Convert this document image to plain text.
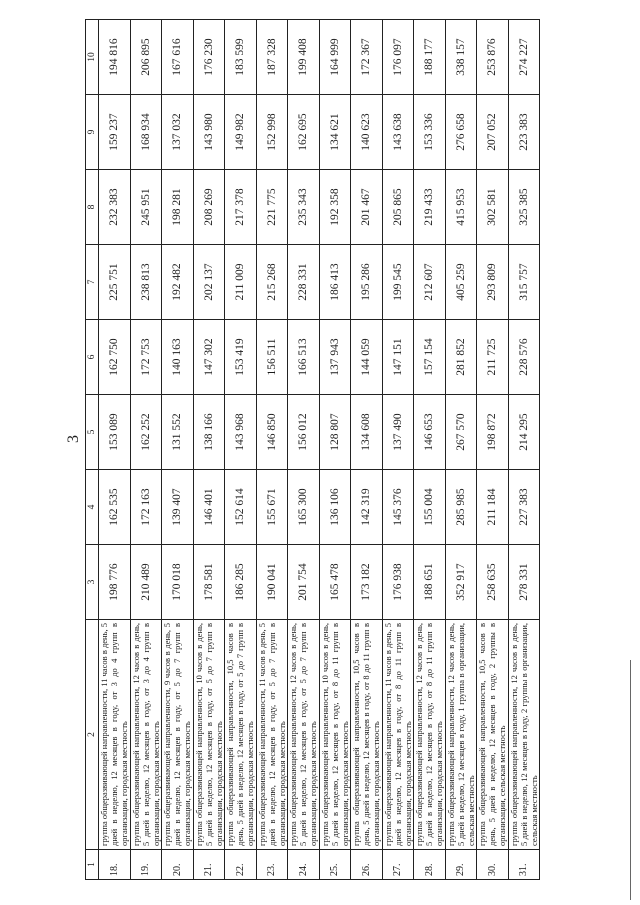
3
1	2	3	4	5	6	7	8	9	10
18.	группа общеразвивающей направленности, 11 часов в день, 5 дней в неделю, 12 месяцев в году, от 3 до 4 групп в организации, городская местность	198 776	162 535	153 089	162 750	225 751	232 383	159 237	194 816
19.	группа общеразвивающей направленности, 12 часов в день, 5 дней в неделю, 12 месяцев в году, от 3 до 4 групп в организации, городская местность	210 489	172 163	162 252	172 753	238 813	245 951	168 934	206 895
20.	группа общеразвивающей направленности, 9 часов в день, 5 дней в неделю, 12 месяцев в году, от 5 до 7 групп в организации, городская местность	170 018	139 407	131 552	140 163	192 482	198 281	137 032	167 616
21.	группа общеразвивающей направленности, 10 часов в день, 5 дней в неделю, 12 месяцев в году, от 5 до 7 групп в организации, городская местность	178 581	146 401	138 166	147 302	202 137	208 269	143 980	176 230
22.	группа общеразвивающей направленности, 10,5 часов в день, 5 дней в неделю, 12 месяцев в году, от 5 до 7 групп в организации, городская местность	186 285	152 614	143 968	153 419	211 009	217 378	149 982	183 599
23.	группа общеразвивающей направленности, 11 часов в день, 5 дней в неделю, 12 месяцев в году, от 5 до 7 групп в организации, городская местность	190 041	155 671	146 850	156 511	215 268	221 775	152 998	187 328
24.	группа общеразвивающей направленности, 12 часов в день, 5 дней в неделю, 12 месяцев в году, от 5 до 7 групп в организации, городская местность	201 754	165 300	156 012	166 513	228 331	235 343	162 695	199 408
25.	группа общеразвивающей направленности, 10 часов в день, 5 дней в неделю, 12 месяцев в году, от 8 до 11 групп в организации, городская местность	165 478	136 106	128 807	137 943	186 413	192 358	134 621	164 999
26.	группа общеразвивающей направленности, 10,5 часов в день, 5 дней в неделю, 12 месяцев в году, от 8 до 11 групп в организации, городская местность	173 182	142 319	134 608	144 059	195 286	201 467	140 623	172 367
27.	группа общеразвивающей направленности, 11 часов в день, 5 дней в неделю, 12 месяцев в году, от 8 до 11 групп в организации, городская местность	176 938	145 376	137 490	147 151	199 545	205 865	143 638	176 097
28.	группа общеразвивающей направленности, 12 часов в день, 5 дней в неделю, 12 месяцев в году, от 8 до 11 групп в организации, городская местность	188 651	155 004	146 653	157 154	212 607	219 433	153 336	188 177
29.	группа общеразвивающей направленности, 12 часов в день, 5 дней в неделю, 12 месяцев в году, 1 группа в организации, сельская местность	352 917	285 985	267 570	281 852	405 259	415 953	276 658	338 157
30.	группа общеразвивающей направленности, 10,5 часов в день, 5 дней в неделю, 12 месяцев в году, 2 группы в организации, сельская местность	258 635	211 184	198 872	211 725	293 809	302 581	207 052	253 876
31.	группа общеразвивающей направленности, 12 часов в день, 5 дней в неделю, 12 месяцев в году, 2 группы в организации, сельская местность	278 331	227 383	214 295	228 576	315 757	325 385	223 383	274 227
